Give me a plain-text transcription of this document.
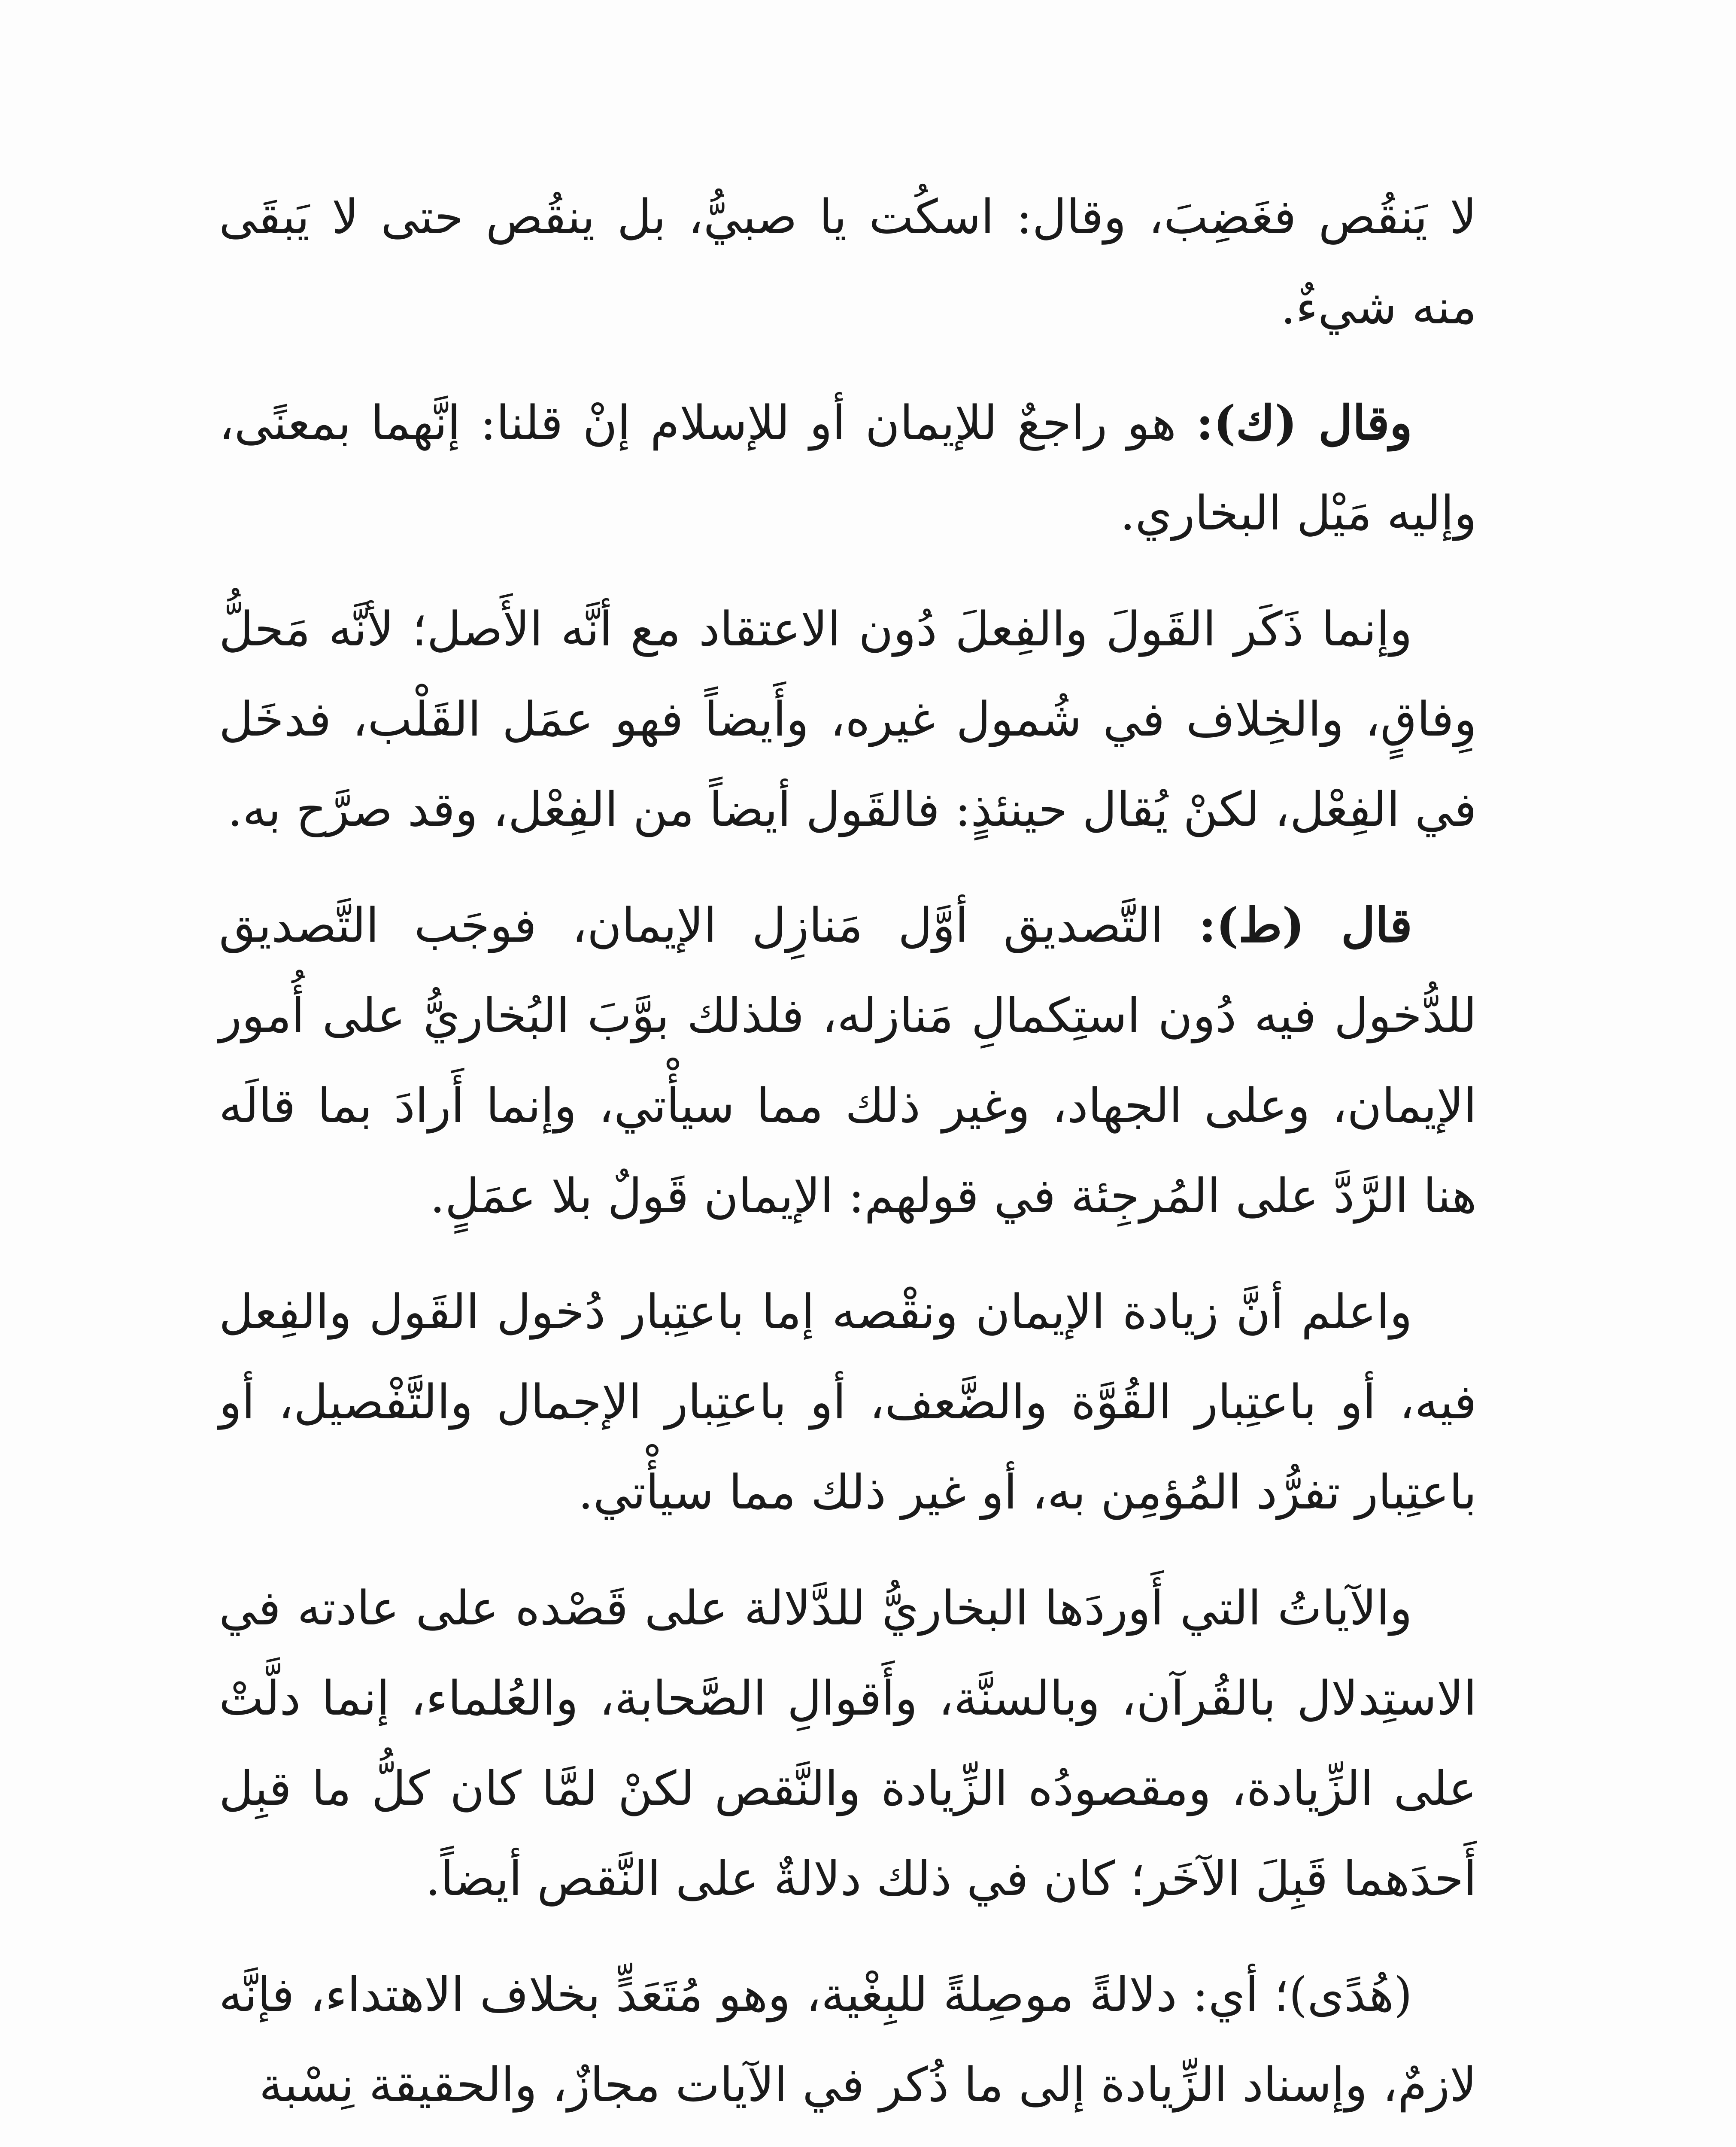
لا يَنقُص فغَضِبَ، وقال: اسكُت يا صبيُّ، بل ينقُص حتى لا يَبقَى منه شيءٌ.

وقال (ك): هو راجعٌ للإيمان أو للإسلام إنْ قلنا: إنَّهما بمعنًى، وإليه مَيْل البخاري.

وإنما ذَكَر القَولَ والفِعلَ دُون الاعتقاد مع أنَّه الأَصل؛ لأنَّه مَحلُّ وِفاقٍ، والخِلاف في شُمول غيره، وأَيضاً فهو عمَل القَلْب، فدخَل في الفِعْل، لكنْ يُقال حينئذٍ: فالقَول أيضاً من الفِعْل، وقد صرَّح به.

قال (ط): التَّصديق أوَّل مَنازِل الإيمان، فوجَب التَّصديق للدُّخول فيه دُون استِكمالِ مَنازله، فلذلك بوَّبَ البُخاريُّ على أُمور الإيمان، وعلى الجهاد، وغير ذلك مما سيأْتي، وإنما أَرادَ بما قالَه هنا الرَّدَّ على المُرجِئة في قولهم: الإيمان قَولٌ بلا عمَلٍ.

واعلم أنَّ زيادة الإيمان ونقْصه إما باعتِبار دُخول القَول والفِعل فيه، أو باعتِبار القُوَّة والضَّعف، أو باعتِبار الإجمال والتَّفْصيل، أو باعتِبار تفرُّد المُؤمِن به، أو غير ذلك مما سيأْتي.

والآياتُ التي أَوردَها البخاريُّ للدَّلالة على قَصْده على عادته في الاستِدلال بالقُرآن، وبالسنَّة، وأَقوالِ الصَّحابة، والعُلماء، إنما دلَّتْ على الزِّيادة، ومقصودُه الزِّيادة والنَّقص لكنْ لمَّا كان كلُّ ما قبِل أَحدَهما قَبِلَ الآخَر؛ كان في ذلك دلالةٌ على النَّقص أيضاً.

(هُدًى)؛ أي: دلالةً موصِلةً للبِغْية، وهو مُتَعَدٍّ بخلاف الاهتداء، فإنَّه لازمٌ، وإسناد الزِّيادة إلى ما ذُكر في الآيات مجازٌ، والحقيقة نِسْبة
